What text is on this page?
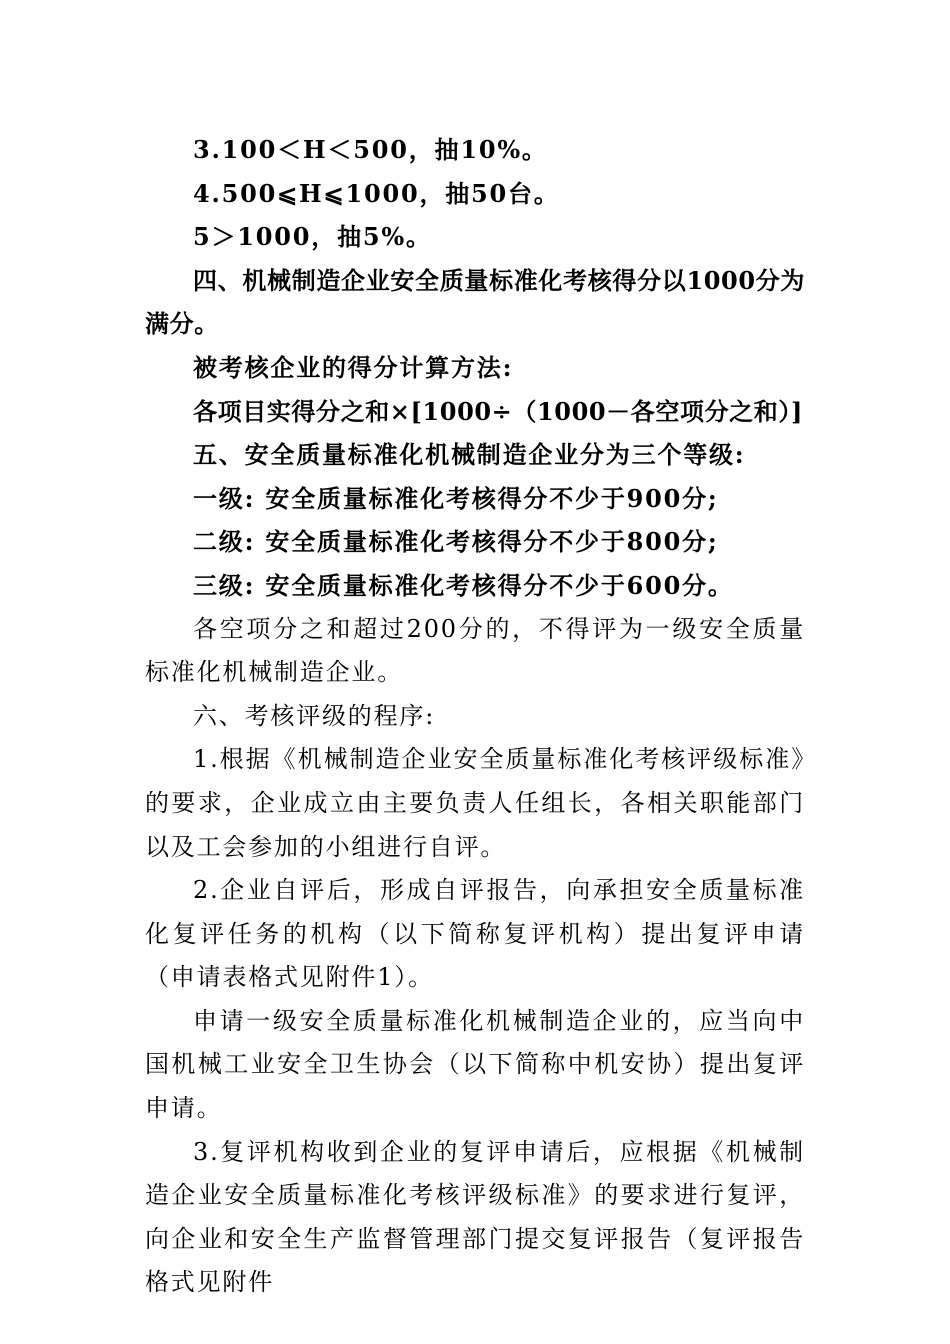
3.100＜H＜500，抽10%。

4.500⩽H⩽1000，抽50台。

5＞1000，抽5%。

四、机械制造企业安全质量标准化考核得分以1000分为满分。

被考核企业的得分计算方法:

各项目实得分之和×[1000÷（1000－各空项分之和）]

五、安全质量标准化机械制造企业分为三个等级:

一级: 安全质量标准化考核得分不少于900分;

二级: 安全质量标准化考核得分不少于800分;

三级: 安全质量标准化考核得分不少于600分。

各空项分之和超过200分的，不得评为一级安全质量标准化机械制造企业。

六、考核评级的程序:

1.根据《机械制造企业安全质量标准化考核评级标准》的要求，企业成立由主要负责人任组长，各相关职能部门以及工会参加的小组进行自评。

2.企业自评后，形成自评报告，向承担安全质量标准化复评任务的机构（以下简称复评机构）提出复评申请（申请表格式见附件1）。

申请一级安全质量标准化机械制造企业的，应当向中国机械工业安全卫生协会（以下简称中机安协）提出复评申请。

3.复评机构收到企业的复评申请后，应根据《机械制造企业安全质量标准化考核评级标准》的要求进行复评，向企业和安全生产监督管理部门提交复评报告（复评报告格式见附件
